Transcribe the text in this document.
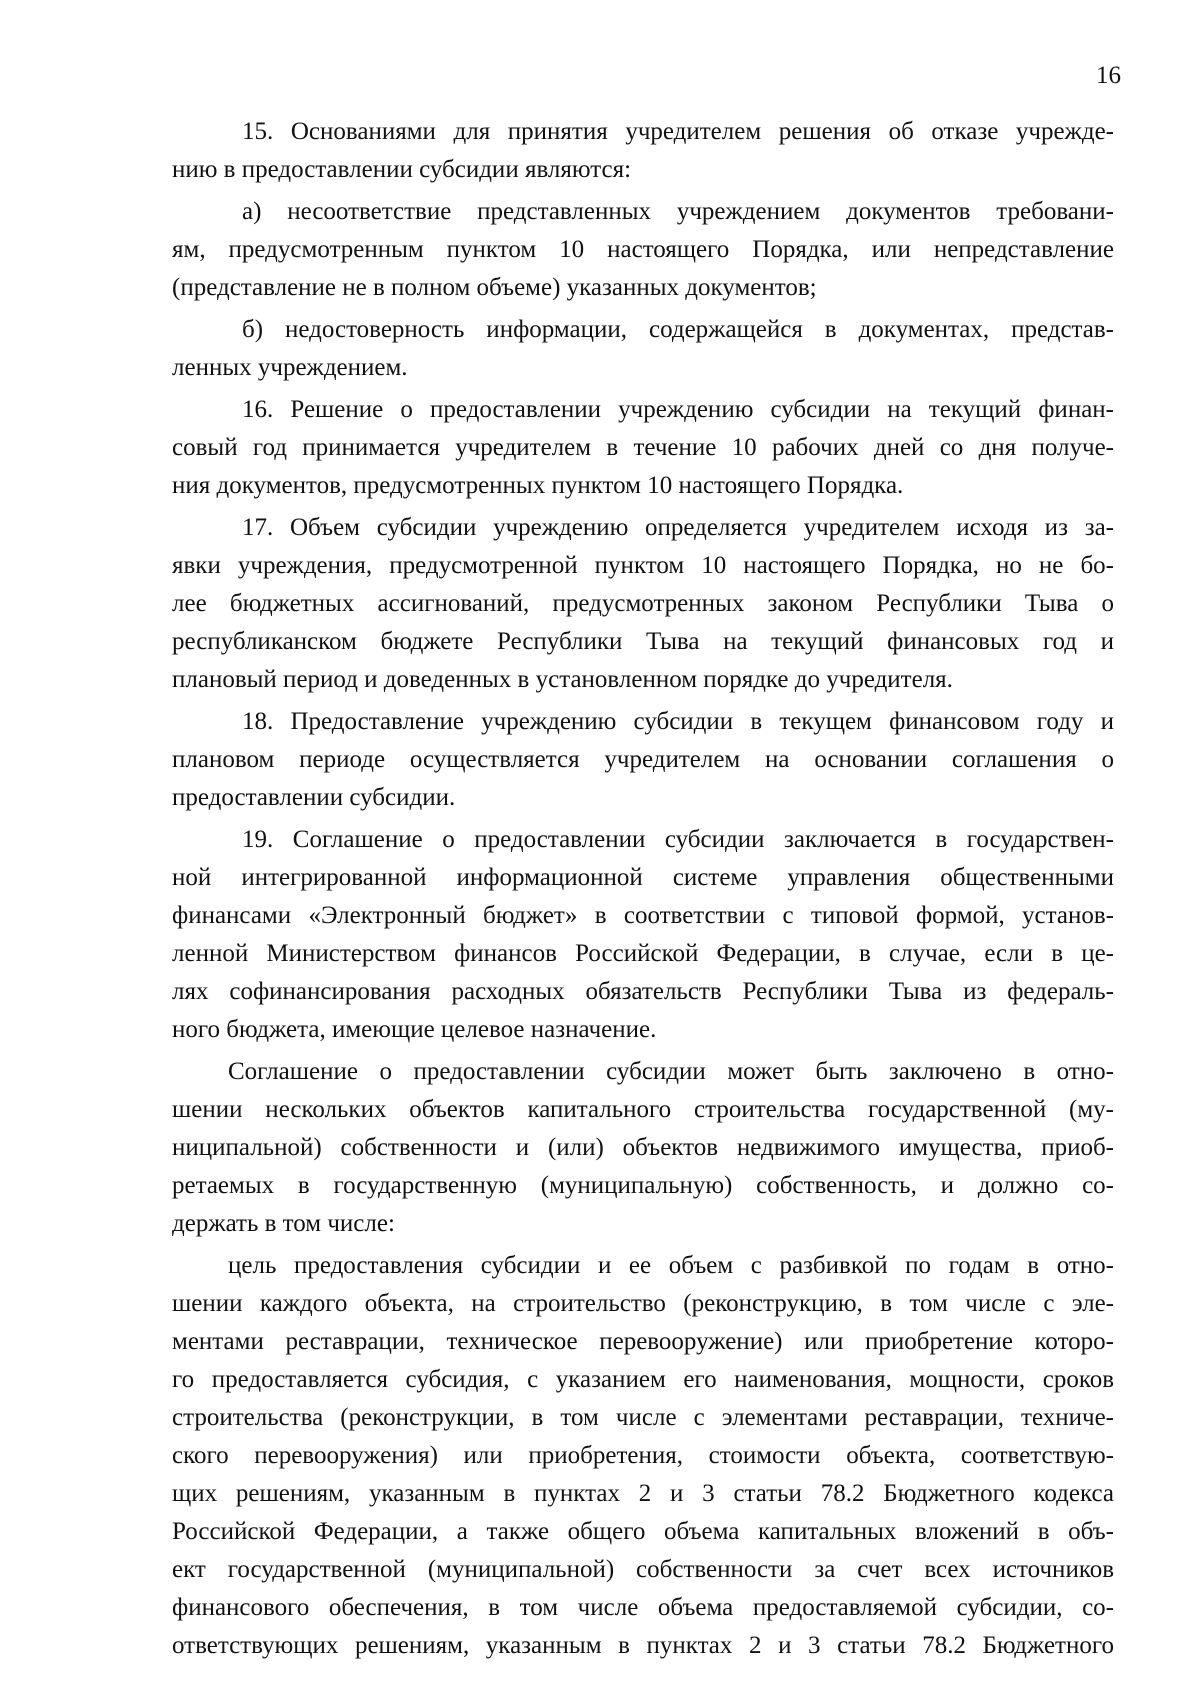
16
15. Основаниями для принятия учредителем решения об отказе учрежде-
нию в предоставлении субсидии являются:
а) несоответствие представленных учреждением документов требовани-
ям, предусмотренным пунктом 10 настоящего Порядка, или непредставление
(представление не в полном объеме) указанных документов;
б) недостоверность информации, содержащейся в документах, представ-
ленных учреждением.
16. Решение о предоставлении учреждению субсидии на текущий финан-
совый год принимается учредителем в течение 10 рабочих дней со дня получе-
ния документов, предусмотренных пунктом 10 настоящего Порядка.
17. Объем субсидии учреждению определяется учредителем исходя из за-
явки учреждения, предусмотренной пунктом 10 настоящего Порядка, но не бо-
лее бюджетных ассигнований, предусмотренных законом Республики Тыва о
республиканском бюджете Республики Тыва на текущий финансовых год и
плановый период и доведенных в установленном порядке до учредителя.
18. Предоставление учреждению субсидии в текущем финансовом году и
плановом периоде осуществляется учредителем на основании соглашения о
предоставлении субсидии.
19. Соглашение о предоставлении субсидии заключается в государствен-
ной интегрированной информационной системе управления общественными
финансами «Электронный бюджет» в соответствии с типовой формой, установ-
ленной Министерством финансов Российской Федерации, в случае, если в це-
лях софинансирования расходных обязательств Республики Тыва из федераль-
ного бюджета, имеющие целевое назначение.
Соглашение о предоставлении субсидии может быть заключено в отно-
шении нескольких объектов капитального строительства государственной (му-
ниципальной) собственности и (или) объектов недвижимого имущества, приоб-
ретаемых в государственную (муниципальную) собственность, и должно со-
держать в том числе:
цель предоставления субсидии и ее объем с разбивкой по годам в отно-
шении каждого объекта, на строительство (реконструкцию, в том числе с эле-
ментами реставрации, техническое перевооружение) или приобретение которо-
го предоставляется субсидия, с указанием его наименования, мощности, сроков
строительства (реконструкции, в том числе с элементами реставрации, техниче-
ского перевооружения) или приобретения, стоимости объекта, соответствую-
щих решениям, указанным в пунктах 2 и 3 статьи 78.2 Бюджетного кодекса
Российской Федерации, а также общего объема капитальных вложений в объ-
ект государственной (муниципальной) собственности за счет всех источников
финансового обеспечения, в том числе объема предоставляемой субсидии, со-
ответствующих решениям, указанным в пунктах 2 и 3 статьи 78.2 Бюджетного
